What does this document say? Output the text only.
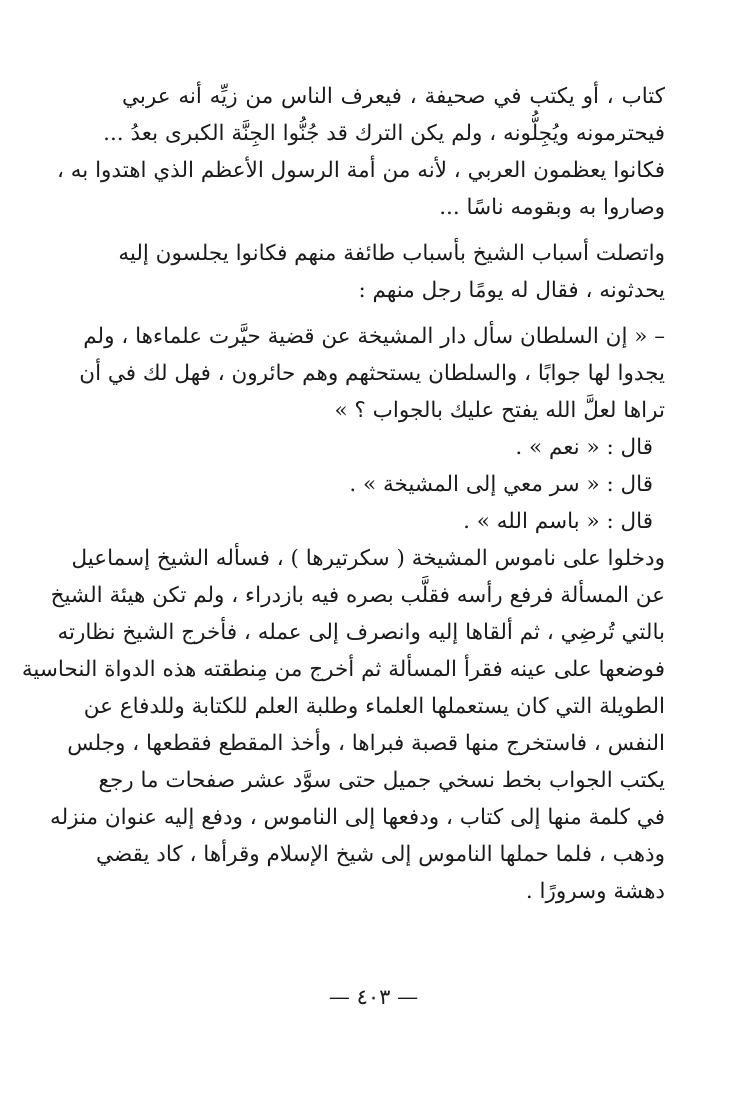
كتاب ، أو يكتب في صحيفة ، فيعرف الناس من زيِّه أنه عربي
فيحترمونه ويُجِلُّونه ، ولم يكن الترك قد جُنُّوا الجِنَّة الكبرى بعدُ ...
فكانوا يعظمون العربي ، لأنه من أمة الرسول الأعظم الذي اهتدوا به ،
وصاروا به وبقومه ناسًا ...
واتصلت أسباب الشيخ بأسباب طائفة منهم فكانوا يجلسون إليه
يحدثونه ، فقال له يومًا رجل منهم :
– « إن السلطان سأل دار المشيخة عن قضية حيَّرت علماءها ، ولم
يجدوا لها جوابًا ، والسلطان يستحثهم وهم حائرون ، فهل لك في أن
تراها لعلَّ الله يفتح عليك بالجواب ؟ »
قال : « نعم » .
قال : « سر معي إلى المشيخة » .
قال : « باسم الله » .
ودخلوا على ناموس المشيخة ( سكرتيرها ) ، فسأله الشيخ إسماعيل
عن المسألة فرفع رأسه فقلَّب بصره فيه بازدراء ، ولم تكن هيئة الشيخ
بالتي تُرضِي ، ثم ألقاها إليه وانصرف إلى عمله ، فأخرج الشيخ نظارته
فوضعها على عينه فقرأ المسألة ثم أخرج من مِنطقته هذه الدواة النحاسية
الطويلة التي كان يستعملها العلماء وطلبة العلم للكتابة وللدفاع عن
النفس ، فاستخرج منها قصبة فبراها ، وأخذ المقطع فقطعها ، وجلس
يكتب الجواب بخط نسخي جميل حتى سوَّد عشر صفحات ما رجع
في كلمة منها إلى كتاب ، ودفعها إلى الناموس ، ودفع إليه عنوان منزله
وذهب ، فلما حملها الناموس إلى شيخ الإسلام وقرأها ، كاد يقضي
دهشة وسرورًا .
— ٤٠٣ —
